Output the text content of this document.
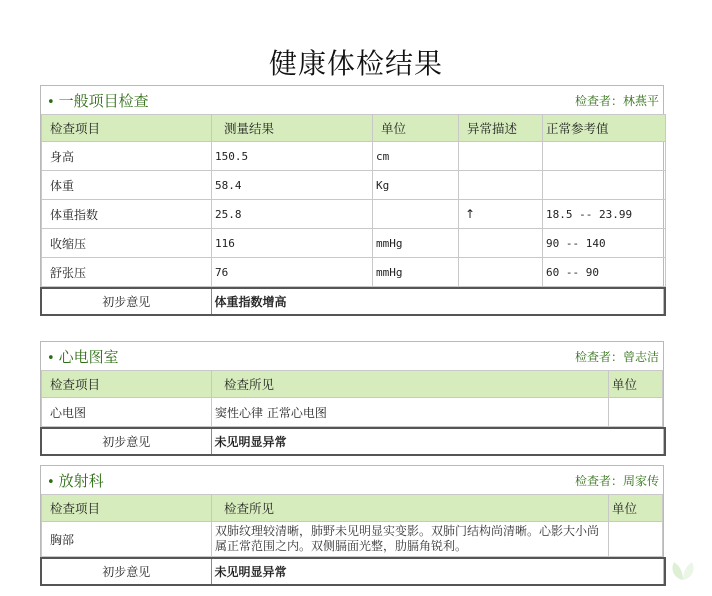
健康体检结果
• 一般项目检查	检查者：林燕平
检查项目	测量结果	单位	异常描述	正常参考值
身高	150.5	cm		
体重	58.4	Kg		
体重指数	25.8		↑	18.5 -- 23.99
收缩压	116	mmHg		90 -- 140
舒张压	76	mmHg		60 -- 90
初步意见	体重指数增高
• 心电图室	检查者：曾志洁
检查项目	检查所见	单位
心电图	窦性心律 正常心电图	
初步意见	未见明显异常
• 放射科	检查者：周家传
检查项目	检查所见	单位
胸部	双肺纹理较清晰，肺野未见明显实变影。双肺门结构尚清晰。心影大小尚属正常范围之内。双侧膈面光整，肋膈角锐利。	
初步意见	未见明显异常
